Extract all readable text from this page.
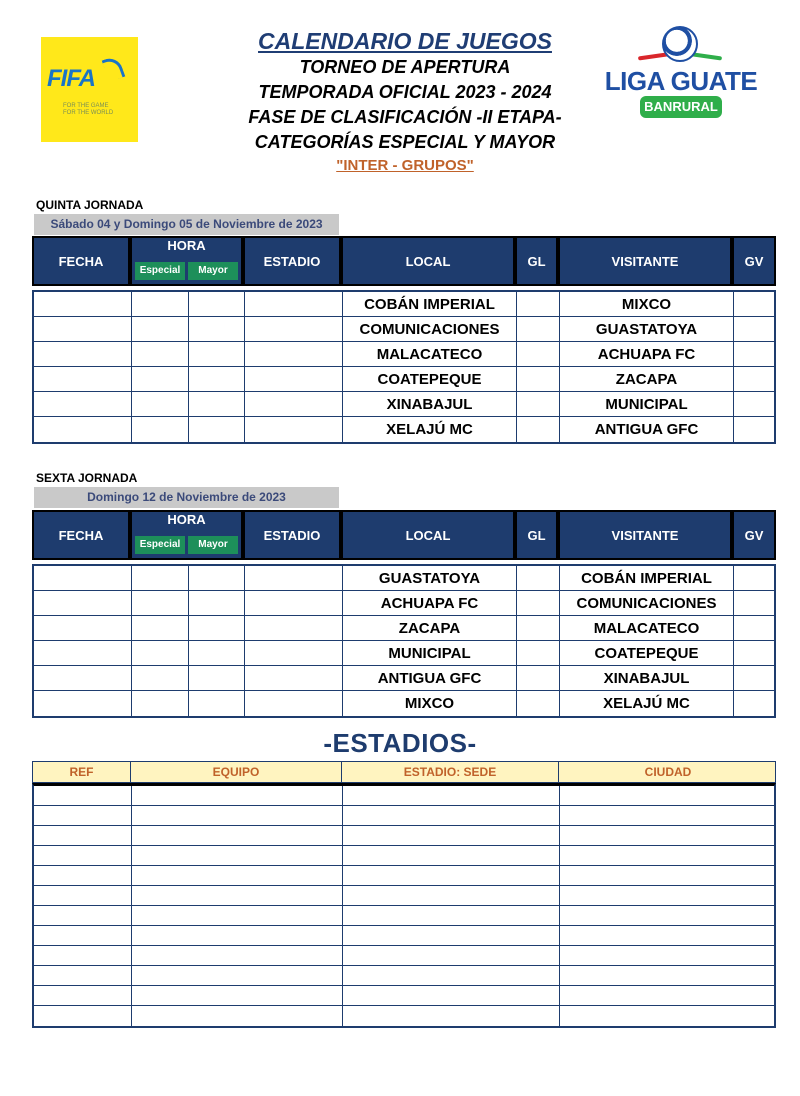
FIFA
FOR THE GAME
FOR THE WORLD
LIGA GUATE
BANRURAL
CALENDARIO DE JUEGOS
TORNEO DE APERTURA
TEMPORADA OFICIAL 2023 - 2024
FASE DE CLASIFICACIÓN -II ETAPA-
CATEGORÍAS ESPECIAL Y MAYOR
"INTER - GRUPOS"
QUINTA JORNADA
Sábado 04 y Domingo 05 de Noviembre de 2023
FECHA
HORA
Especial	Mayor
ESTADIO	LOCAL	GL	VISITANTE	GV
COBÁN IMPERIAL	MIXCO
COMUNICACIONES	GUASTATOYA
MALACATECO	ACHUAPA FC
COATEPEQUE	ZACAPA
XINABAJUL	MUNICIPAL
XELAJÚ MC	ANTIGUA GFC
SEXTA JORNADA
Domingo 12 de Noviembre de 2023
FECHA
HORA
Especial	Mayor
ESTADIO	LOCAL	GL	VISITANTE	GV
GUASTATOYA	COBÁN IMPERIAL
ACHUAPA FC	COMUNICACIONES
ZACAPA	MALACATECO
MUNICIPAL	COATEPEQUE
ANTIGUA GFC	XINABAJUL
MIXCO	XELAJÚ MC
-ESTADIOS-
REF	EQUIPO	ESTADIO: SEDE	CIUDAD
